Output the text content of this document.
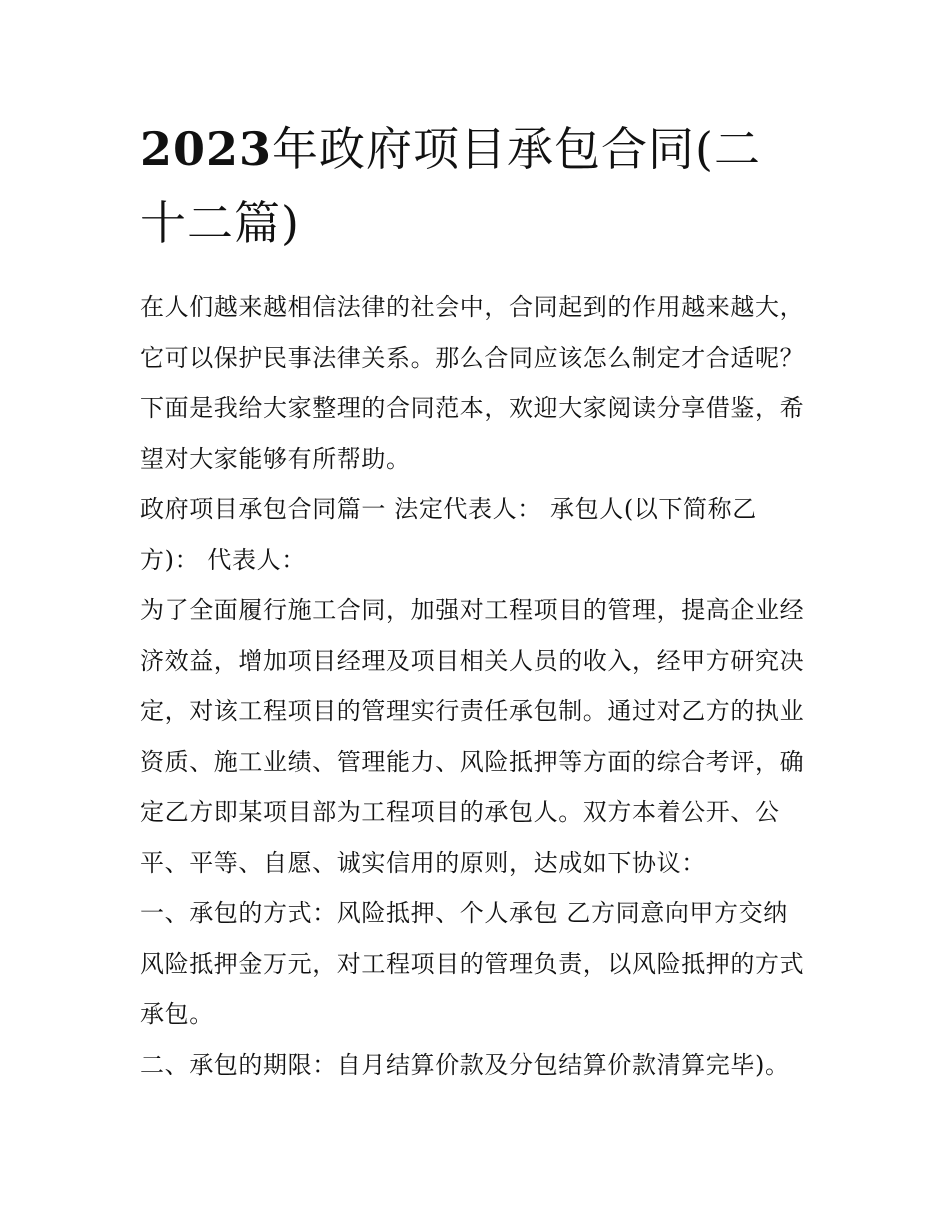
2023年政府项目承包合同(二
十二篇)

在人们越来越相信法律的社会中，合同起到的作用越来越大，

它可以保护民事法律关系。那么合同应该怎么制定才合适呢？

下面是我给大家整理的合同范本，欢迎大家阅读分享借鉴，希

望对大家能够有所帮助。

政府项目承包合同篇一 法定代表人： 承包人(以下简称乙

方)： 代表人：

为了全面履行施工合同，加强对工程项目的管理，提高企业经

济效益，增加项目经理及项目相关人员的收入，经甲方研究决

定，对该工程项目的管理实行责任承包制。通过对乙方的执业

资质、施工业绩、管理能力、风险抵押等方面的综合考评，确

定乙方即某项目部为工程项目的承包人。双方本着公开、公

平、平等、自愿、诚实信用的原则，达成如下协议：

一、承包的方式：风险抵押、个人承包 乙方同意向甲方交纳

风险抵押金万元，对工程项目的管理负责，以风险抵押的方式

承包。

二、承包的期限：自月结算价款及分包结算价款清算完毕)。
